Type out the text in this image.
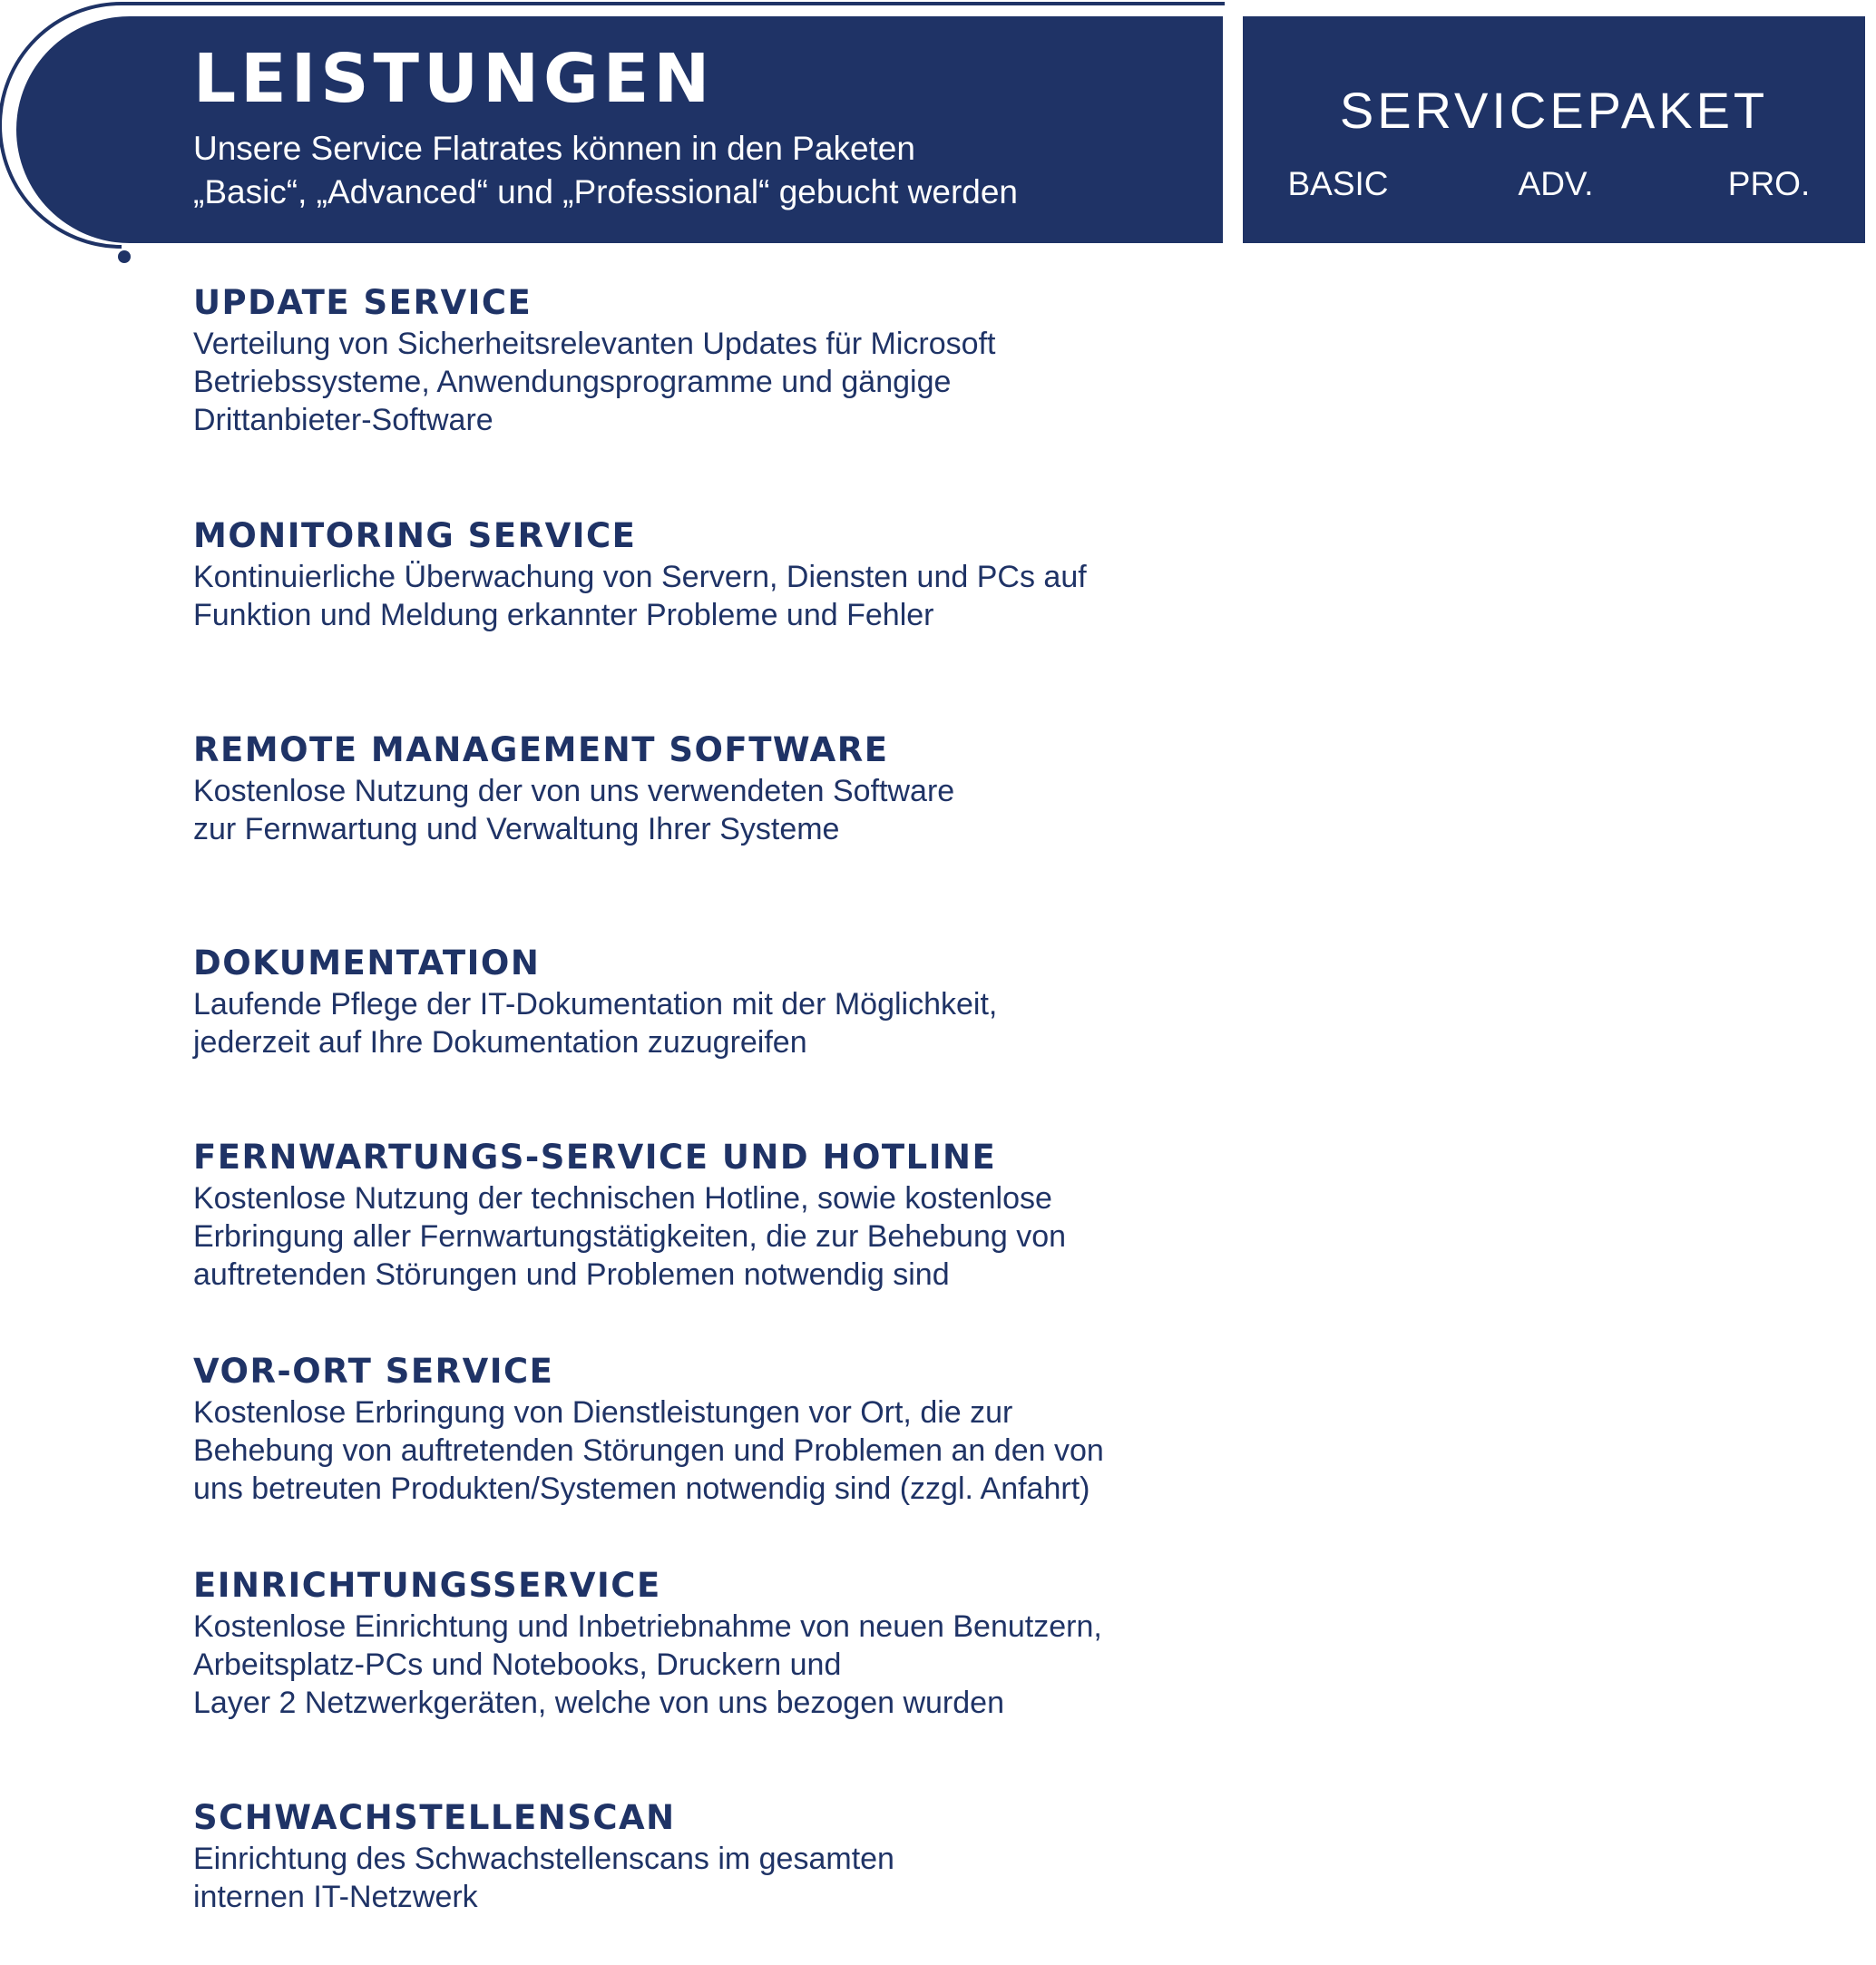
LEISTUNGEN
Unsere Service Flatrates können in den Paketen
„Basic“, „Advanced“ und „Professional“ gebucht werden
SERVICEPAKET
BASIC	ADV.	PRO.
UPDATE SERVICE
Verteilung von Sicherheitsrelevanten Updates für Microsoft
Betriebssysteme, Anwendungsprogramme und gängige
Drittanbieter-Software
MONITORING SERVICE
Kontinuierliche Überwachung von Servern, Diensten und PCs auf
Funktion und Meldung erkannter Probleme und Fehler
REMOTE MANAGEMENT SOFTWARE
Kostenlose Nutzung der von uns verwendeten Software
zur Fernwartung und Verwaltung Ihrer Systeme
DOKUMENTATION
Laufende Pflege der IT-Dokumentation mit der Möglichkeit,
jederzeit auf Ihre Dokumentation zuzugreifen
FERNWARTUNGS-SERVICE UND HOTLINE
Kostenlose Nutzung der technischen Hotline, sowie kostenlose
Erbringung aller Fernwartungstätigkeiten, die zur Behebung von
auftretenden Störungen und Problemen notwendig sind
VOR-ORT SERVICE
Kostenlose Erbringung von Dienstleistungen vor Ort, die zur
Behebung von auftretenden Störungen und Problemen an den von
uns betreuten Produkten/Systemen notwendig sind (zzgl. Anfahrt)
EINRICHTUNGSSERVICE
Kostenlose Einrichtung und Inbetriebnahme von neuen Benutzern,
Arbeitsplatz-PCs und Notebooks, Druckern und
Layer 2 Netzwerkgeräten, welche von uns bezogen wurden
SCHWACHSTELLENSCAN
Einrichtung des Schwachstellenscans im gesamten
internen IT-Netzwerk
